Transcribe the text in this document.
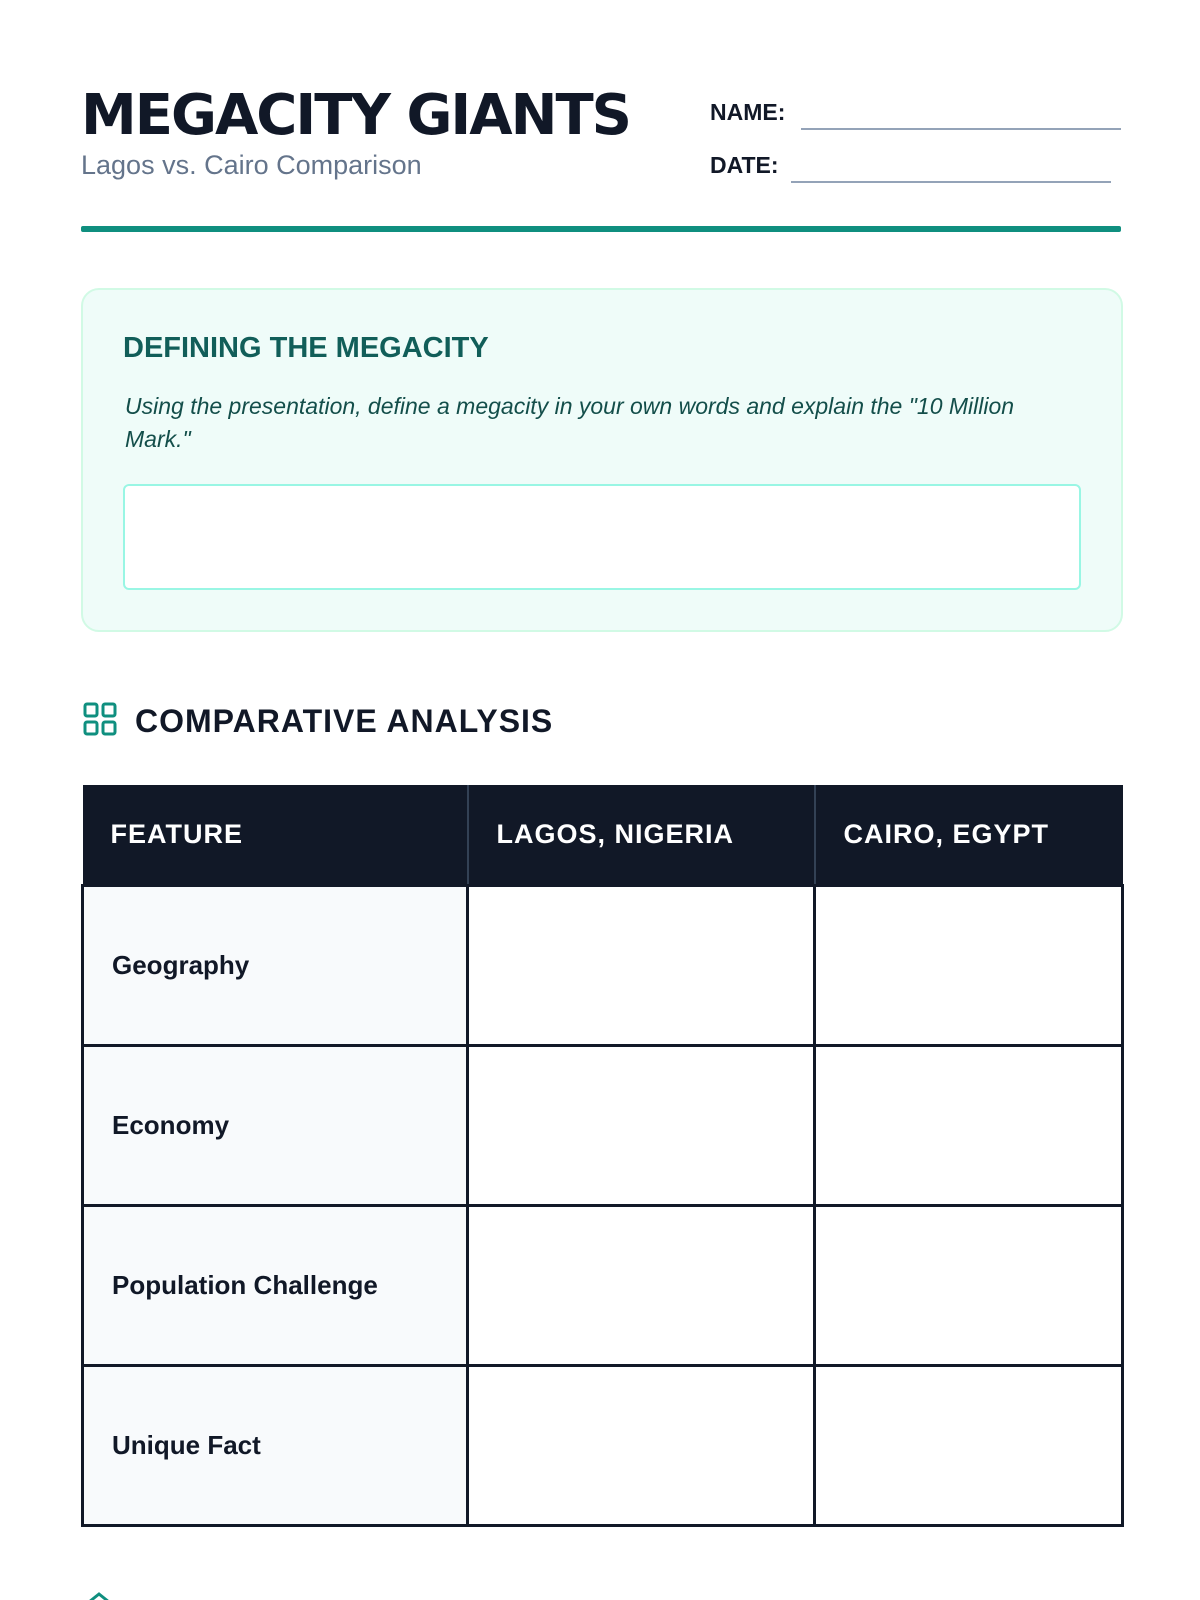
MEGACITY GIANTS
Lagos vs. Cairo Comparison
NAME:
DATE:
DEFINING THE MEGACITY
Using the presentation, define a megacity in your own words and explain the "10 Million Mark."
COMPARATIVE ANALYSIS
FEATURE	LAGOS, NIGERIA	CAIRO, EGYPT
Geography		
Economy		
Population Challenge		
Unique Fact		
